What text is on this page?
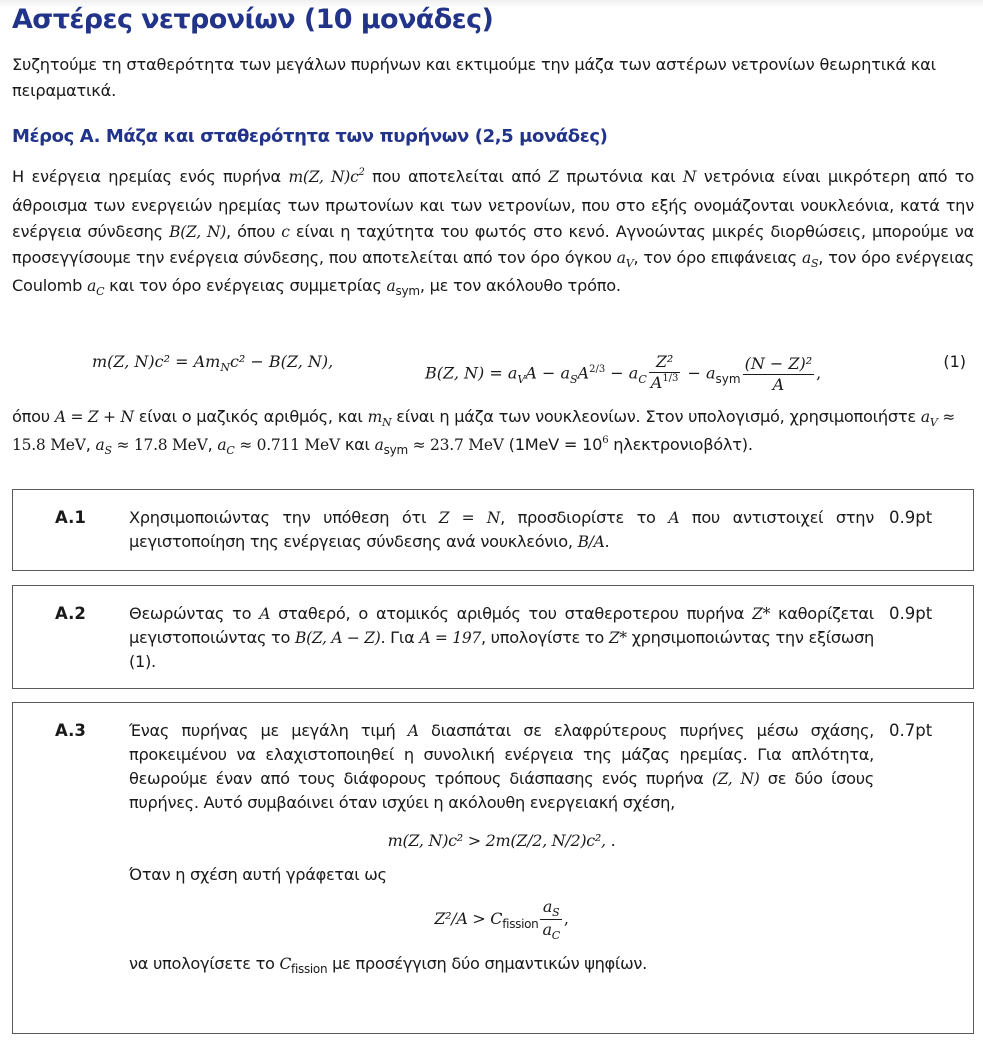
Αστέρες νετρονίων (10 μονάδες)
Συζητούμε τη σταθερότητα των μεγάλων πυρήνων και εκτιμούμε την μάζα των αστέρων νετρονίων θεωρητικά και πειραματικά.
Μέρος A. Μάζα και σταθερότητα των πυρήνων (2,5 μονάδες)
Η ενέργεια ηρεμίας ενός πυρήνα m(Z, $N)c^2$ που αποτελείται από Z πρωτόνια και N νετρόνια είναι μικρότερη από το άθροισμα των ενεργειών ηρεμίας των πρωτονίων και των νετρονίων, που στο εξής ονομάζονται νουκλεόνια, κατά την ενέργεια σύνδεσης B(Z, N), όπου c είναι η ταχύτητα του φωτός στο κενό. Αγνοώντας μικρές διορθώσεις, μπορούμε να προσεγγίσουμε την ενέργεια σύνδεσης, που αποτελείται από τον όρο όγκου $a_V$, τον όρο επιφάνειας $a_S$, τον όρο ενέργειας Coulomb $a_C$ και τον όρο ενέργειας συμμετρίας $a_{sym}$, με τον ακόλουθο τρόπο.
m(Z, $N)c^2 = Am_Nc^2 - B(Z$, N),
B(Z, $N) = a_VA - a_SA^{2/3} - a_C \frac{\text{Z²}}{A^{1/3}} - a_{sym} \frac{\text{(N − Z)²}}{A}$ ,
(1)
όπου A = Z + N είναι ο μαζικός αριθμός, και $m_N$ είναι η μάζα των νουκλεονίων. Στον υπολογισμό, χρησιμοποιήστε $a_V \approx 15.8$ MeV, $a_S \approx 17.8$ MeV, $a_C \approx 0.711$ MeV και $a_{sym} \approx 23.7$ MeV ($1MeV = 10^6$ ηλεκτρονιοβόλτ).
A.1	Χρησιμοποιώντας την υπόθεση ότι Z = N, προσδιορίστε το A που αντιστοιχεί στην μεγιστοποίηση της ενέργειας σύνδεσης ανά νουκλεόνιο, B/A.
0.9pt
A.2	Θεωρώντας το A σταθερό, ο ατομικός αριθμός του σταθεροτερου πυρήνα Z* καθορίζεται μεγιστοποιώντας το B(Z, A − Z). Για A = 197, υπολογίστε το Z* χρησιμοποιώντας την εξίσωση (1).
0.9pt
A.3	Ένας πυρήνας με μεγάλη τιμή A διασπάται σε ελαφρύτερους πυρήνες μέσω σχάσης, προκειμένου να ελαχιστοποιηθεί η συνολική ενέργεια της μάζας ηρεμίας. Για απλότητα, θεωρούμε έναν από τους διάφορους τρόπους διάσπασης ενός πυρήνα (Z, N) σε δύο ίσους πυρήνες. Αυτό συμβαόινει όταν ισχύει η ακόλουθη ενεργειακή σχέση,
m(Z, N)c² > 2m(Z/2, N/2)c², .
Όταν η σχέση αυτή γράφεται ως
$Z^2/A > C_{fission} \frac{a_S}{a_C}$ ,
να υπολογίσετε το $C_{fission}$ με προσέγγιση δύο σημαντικών ψηφίων.
0.7pt
